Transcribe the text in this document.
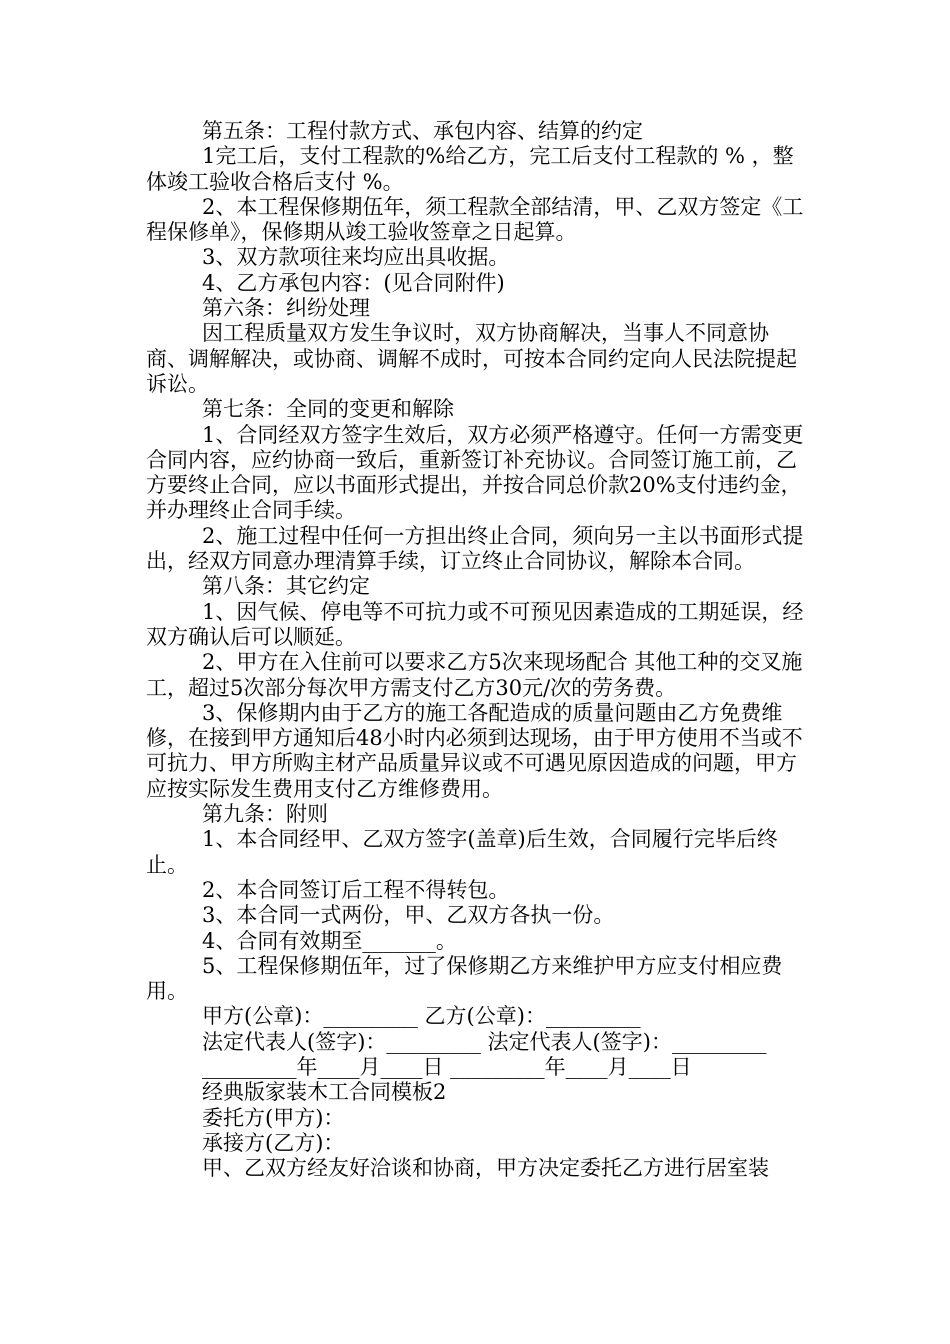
第五条：工程付款方式、承包内容、结算的约定

1完工后，支付工程款的%给乙方，完工后支付工程款的 % ，整体竣工验收合格后支付 %。

2、本工程保修期伍年，须工程款全部结清，甲、乙双方签定《工程保修单》，保修期从竣工验收签章之日起算。

3、双方款项往来均应出具收据。

4、乙方承包内容：(见合同附件)

第六条：纠纷处理

因工程质量双方发生争议时，双方协商解决，当事人不同意协商、调解解决，或协商、调解不成时，可按本合同约定向人民法院提起诉讼。

第七条：全同的变更和解除

1、合同经双方签字生效后，双方必须严格遵守。任何一方需变更合同内容，应约协商一致后，重新签订补充协议。合同签订施工前，乙方要终止合同，应以书面形式提出，并按合同总价款20%支付违约金，并办理终止合同手续。

2、施工过程中任何一方担出终止合同，须向另一主以书面形式提出，经双方同意办理清算手续，订立终止合同协议，解除本合同。

第八条：其它约定

1、因气候、停电等不可抗力或不可预见因素造成的工期延误，经双方确认后可以顺延。

2、甲方在入住前可以要求乙方5次来现场配合 其他工种的交叉施工，超过5次部分每次甲方需支付乙方30元/次的劳务费。

3、保修期内由于乙方的施工各配造成的质量问题由乙方免费维修，在接到甲方通知后48小时内必须到达现场，由于甲方使用不当或不可抗力、甲方所购主材产品质量异议或不可遇见原因造成的问题，甲方应按实际发生费用支付乙方维修费用。

第九条：附则

1、本合同经甲、乙双方签字(盖章)后生效，合同履行完毕后终止。

2、本合同签订后工程不得转包。

3、本合同一式两份，甲、乙双方各执一份。

4、合同有效期至_______。

5、工程保修期伍年，过了保修期乙方来维护甲方应支付相应费用。

甲方(公章)：_________ 乙方(公章)：_________

法定代表人(签字)：_________ 法定代表人(签字)：_________

_________年____月____日 _________年____月____日

经典版家装木工合同模板2

委托方(甲方)：

承接方(乙方)：

甲、乙双方经友好洽谈和协商，甲方决定委托乙方进行居室装
